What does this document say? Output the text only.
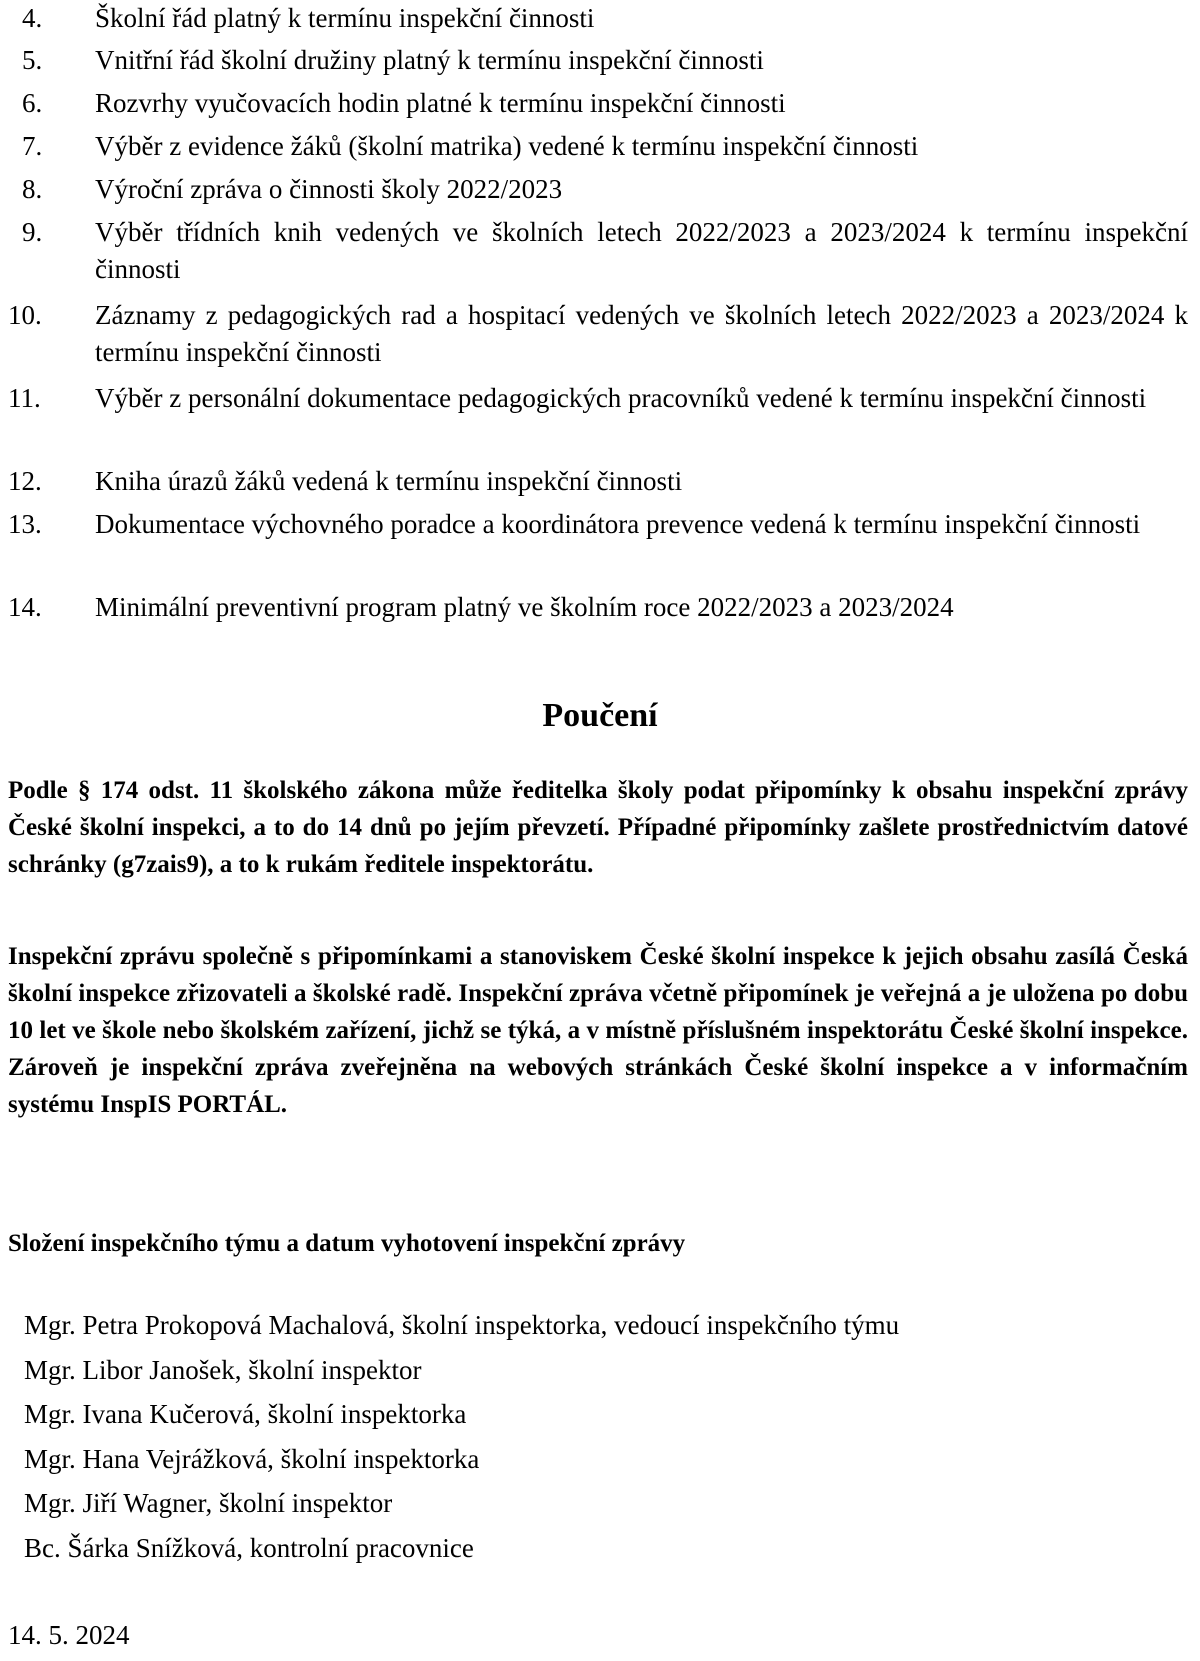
4. Školní řád platný k termínu inspekční činnosti
5. Vnitřní řád školní družiny platný k termínu inspekční činnosti
6. Rozvrhy vyučovacích hodin platné k termínu inspekční činnosti
7. Výběr z evidence žáků (školní matrika) vedené k termínu inspekční činnosti
8. Výroční zpráva o činnosti školy 2022/2023
9. Výběr třídních knih vedených ve školních letech 2022/2023 a 2023/2024 k termínu inspekční činnosti
10. Záznamy z pedagogických rad a hospitací vedených ve školních letech 2022/2023 a 2023/2024 k termínu inspekční činnosti
11. Výběr z personální dokumentace pedagogických pracovníků vedené k termínu inspekční činnosti
12. Kniha úrazů žáků vedená k termínu inspekční činnosti
13. Dokumentace výchovného poradce a koordinátora prevence vedená k termínu inspekční činnosti
14. Minimální preventivní program platný ve školním roce 2022/2023 a 2023/2024
Poučení

Podle § 174 odst. 11 školského zákona může ředitelka školy podat připomínky k obsahu inspekční zprávy České školní inspekci, a to do 14 dnů po jejím převzetí. Případné připomínky zašlete prostřednictvím datové schránky (g7zais9), a to k rukám ředitele inspektorátu.

Inspekční zprávu společně s připomínkami a stanoviskem České školní inspekce k jejich obsahu zasílá Česká školní inspekce zřizovateli a školské radě. Inspekční zpráva včetně připomínek je veřejná a je uložena po dobu 10 let ve škole nebo školském zařízení, jichž se týká, a v místně příslušném inspektorátu České školní inspekce. Zároveň je inspekční zpráva zveřejněna na webových stránkách České školní inspekce a v informačním systému InspIS PORTÁL.

Složení inspekčního týmu a datum vyhotovení inspekční zprávy
Mgr. Petra Prokopová Machalová, školní inspektorka, vedoucí inspekčního týmu
Mgr. Libor Janošek, školní inspektor
Mgr. Ivana Kučerová, školní inspektorka
Mgr. Hana Vejrážková, školní inspektorka
Mgr. Jiří Wagner, školní inspektor
Bc. Šárka Snížková, kontrolní pracovnice
14. 5. 2024
